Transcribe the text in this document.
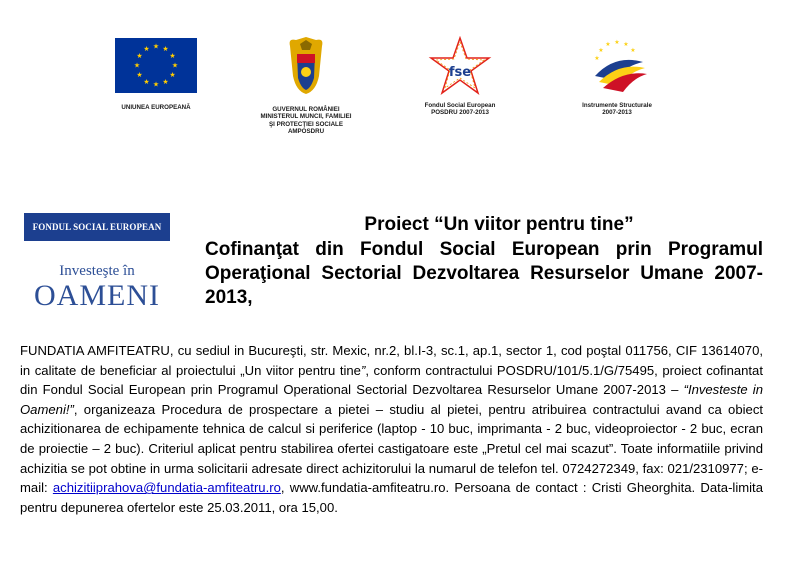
★ ★
★
★
★
★
★
★
★
★
★
★
UNIUNEA EUROPEANĂ	GUVERNUL ROMÂNIEI
MINISTERUL MUNCII, FAMILIEI
ŞI PROTECŢIEI SOCIALE
AMPOSDRU
fse
Fondul Social European
POSDRU 2007-2013
★ ★
★
★
★
★
Instrumente Structurale
2007-2013
FONDUL SOCIAL EUROPEAN
Investeşte în
OAMENI
Proiect “Un viitor pentru tine”
Cofinanţat din Fondul Social European prin Programul Operaţional Sectorial Dezvoltarea Resurselor Umane 2007- 2013,
FUNDATIA AMFITEATRU, cu sediul in Bucureşti, str. Mexic, nr.2, bl.I-3, sc.1, ap.1, sector 1, cod poştal 011756, CIF 13614070, in calitate de beneficiar al proiectului „Un viitor pentru tine”, conform contractului POSDRU/101/5.1/G/75495, proiect cofinantat din Fondul Social European prin Programul Operational Sectorial Dezvoltarea Resurselor Umane 2007-2013 – “Investeste in Oameni!”, organizeaza Procedura de prospectare a pietei – studiu al pietei, pentru atribuirea contractului avand ca obiect achizitionarea de echipamente tehnica de calcul si periferice (laptop - 10 buc, imprimanta - 2 buc, videoproiector - 2 buc, ecran de proiectie – 2 buc). Criteriul aplicat pentru stabilirea ofertei castigatoare este „Pretul cel mai scazut”. Toate informatiile privind achizitia se pot obtine in urma solicitarii adresate direct achizitorului la numarul de telefon tel. 0724272349, fax: 021/2310977; e-mail: achizitiiprahova@fundatia-amfiteatru.ro, www.fundatia-amfiteatru.ro. Persoana de contact : Cristi Gheorghita. Data-limita pentru depunerea ofertelor este 25.03.2011, ora 15,00.
